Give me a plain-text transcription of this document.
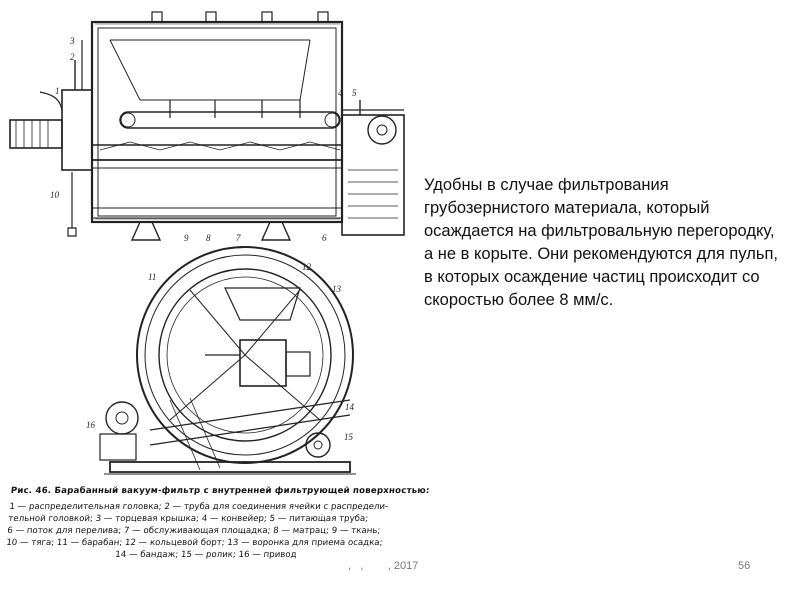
1
2
3
4 5
6
7
8
9
10
11
12
13
14
15
16
Рис. 46. Барабанный вакуум-фильтр с внутренней фильтрующей поверхностью:
1 — распределительная головка; 2 — труба для соединения ячейки с распредели-
тельной головкой; 3 — торцевая крышка; 4 — конвейер; 5 — питающая труба;
6 — поток для перелива; 7 — обслуживающая площадка; 8 — матрац; 9 — ткань;
10 — тяга; 11 — барабан; 12 — кольцевой борт; 13 — воронка для приема осадка;
14 — бандаж; 15 — ролик; 16 — привод
Удобны в случае фильтрования грубозернистого материала, который осаждается на фильтровальную перегородку, а не в корыте. Они рекомендуются для пульп, в которых осаждение частиц происходит со скоростью более 8 мм/с.
,   ,        , 2017	56
